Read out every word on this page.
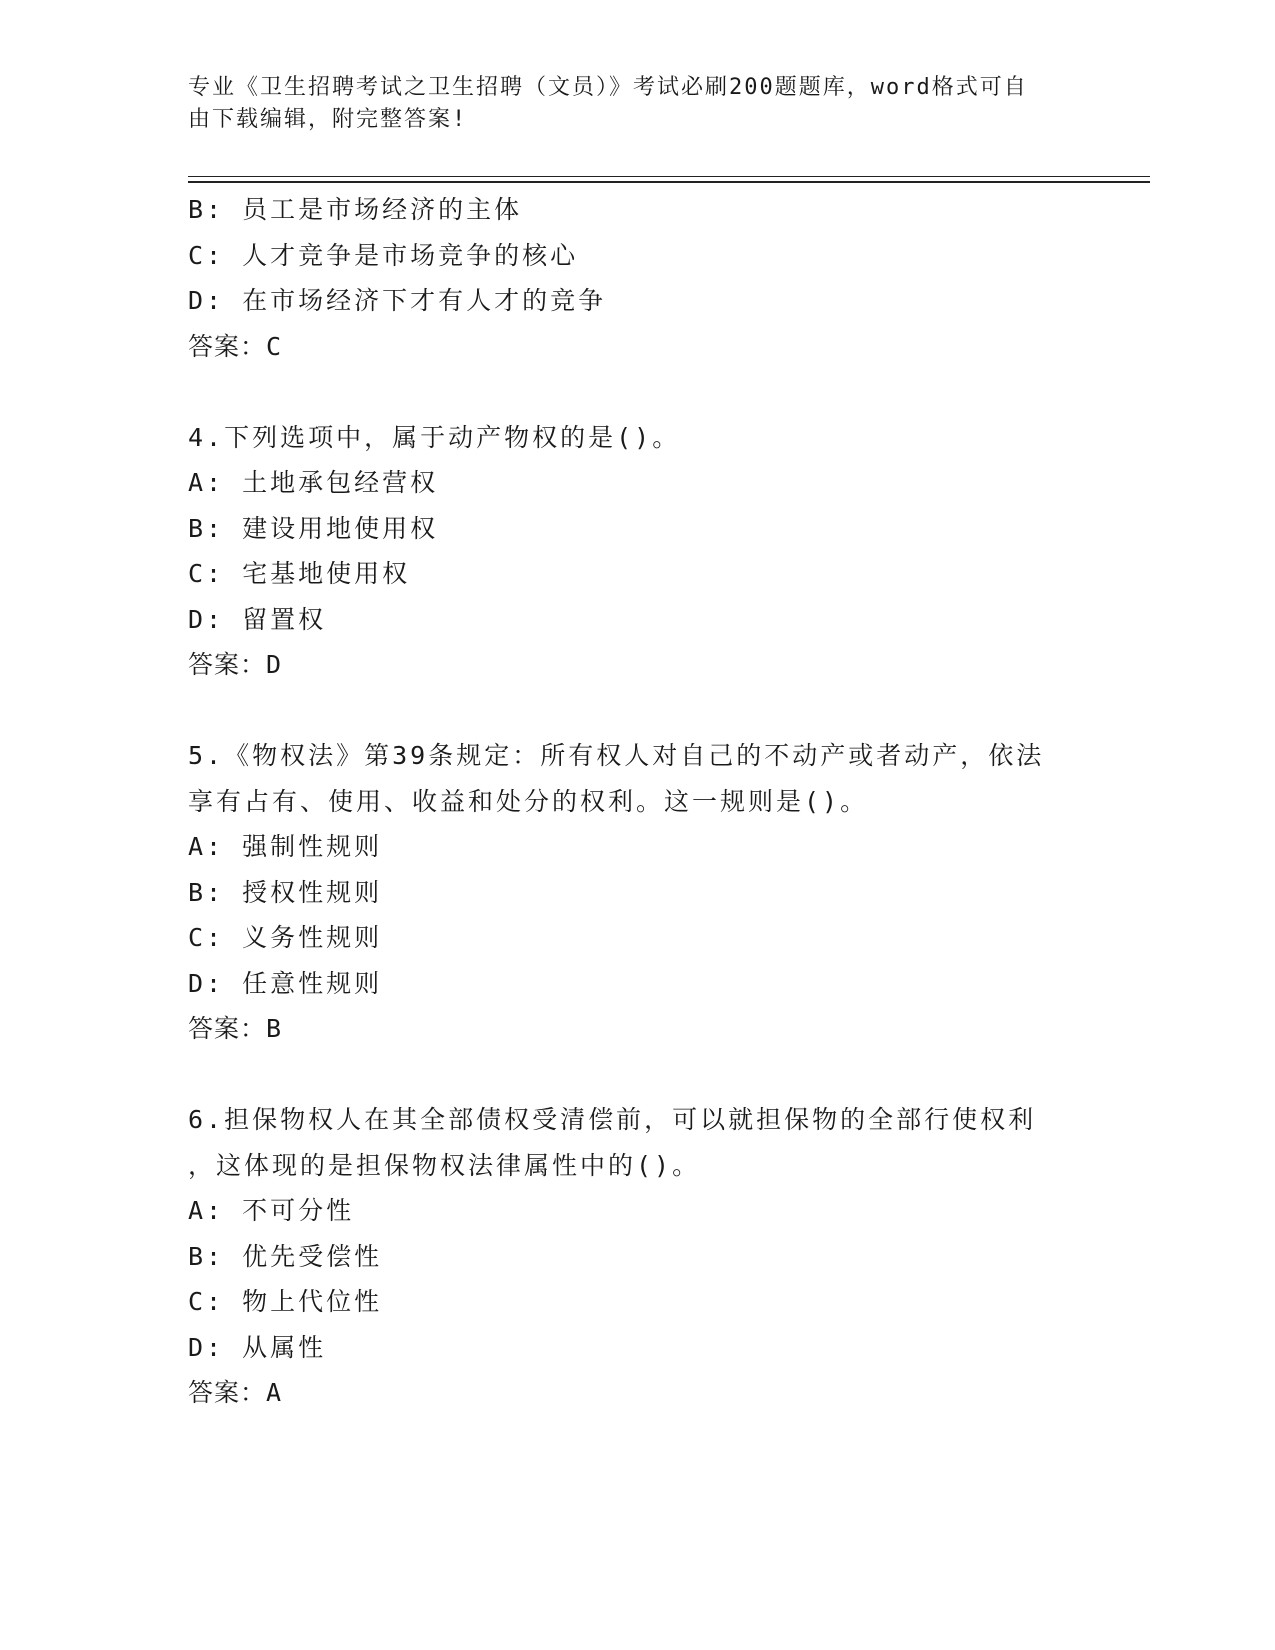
专业《卫生招聘考试之卫生招聘（文员）》考试必刷200题题库，word格式可自
由下载编辑，附完整答案!
B: 员工是市场经济的主体
C: 人才竞争是市场竞争的核心
D: 在市场经济下才有人才的竞争
答案：C
4.下列选项中，属于动产物权的是()。
A: 土地承包经营权
B: 建设用地使用权
C: 宅基地使用权
D: 留置权
答案：D
5.《物权法》第39条规定：所有权人对自己的不动产或者动产，依法
享有占有、使用、收益和处分的权利。这一规则是()。
A: 强制性规则
B: 授权性规则
C: 义务性规则
D: 任意性规则
答案：B
6.担保物权人在其全部债权受清偿前，可以就担保物的全部行使权利
，这体现的是担保物权法律属性中的()。
A: 不可分性
B: 优先受偿性
C: 物上代位性
D: 从属性
答案：A
